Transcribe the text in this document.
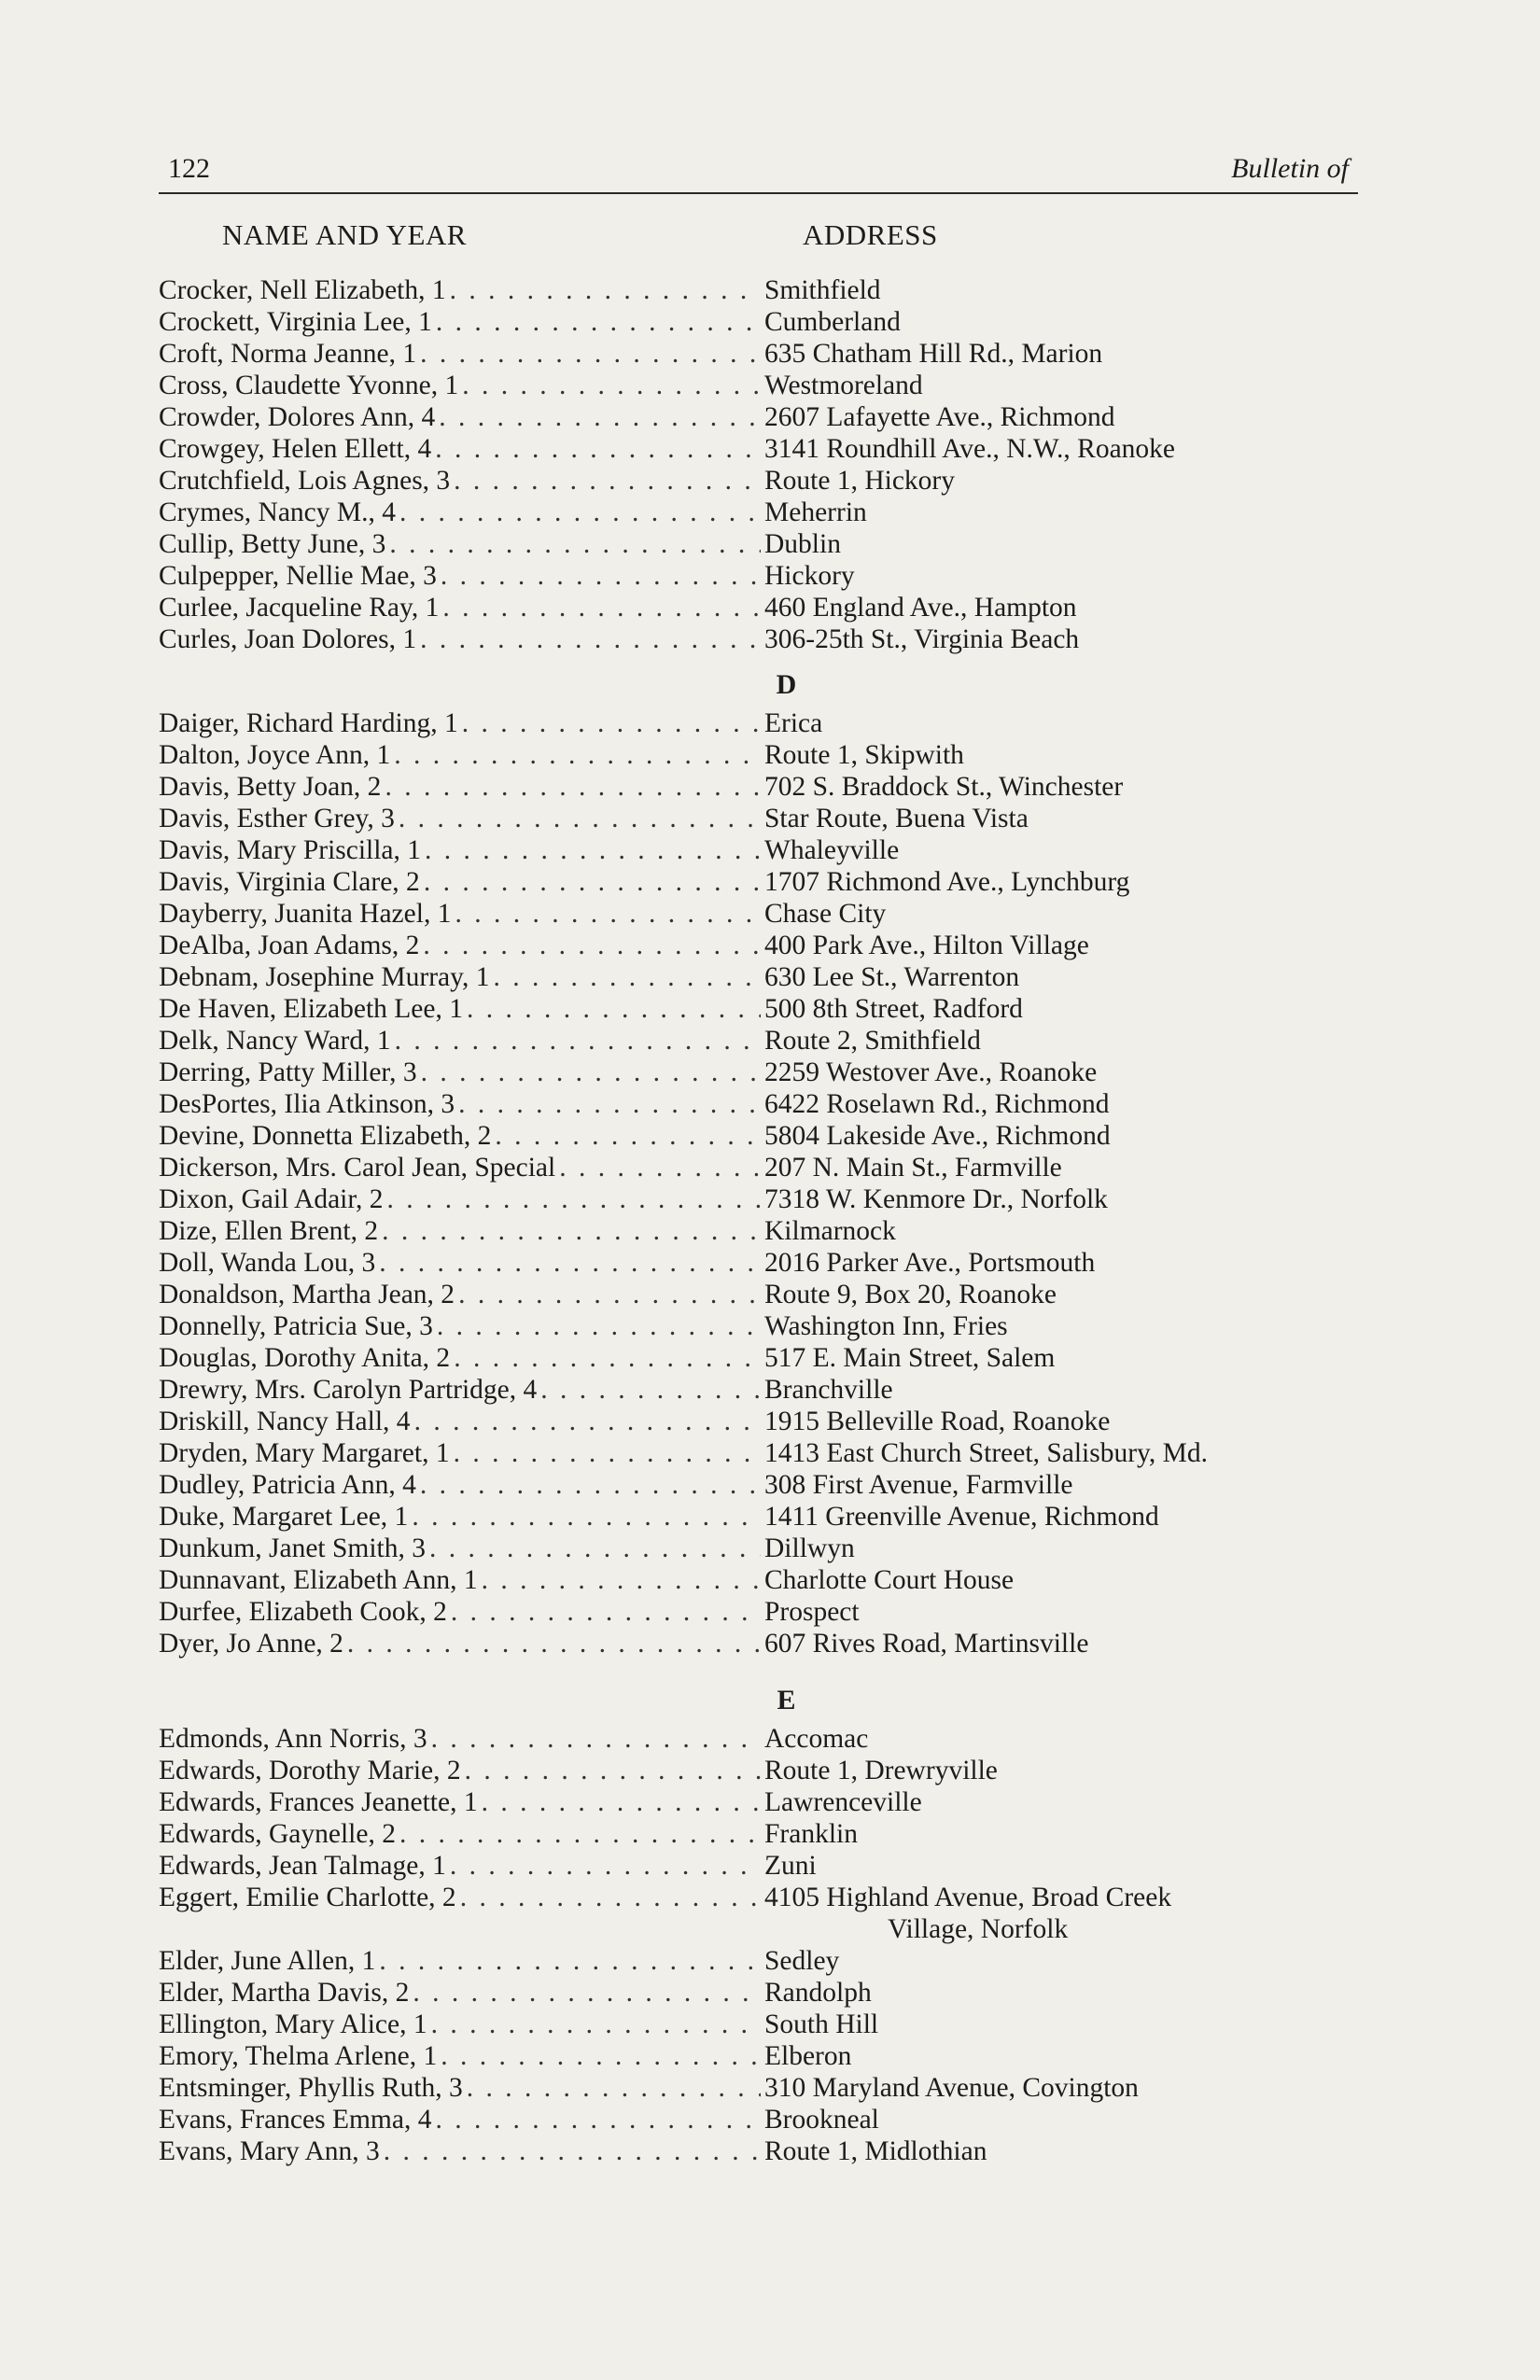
122	Bulletin of
NAME AND YEAR	ADDRESS
Crocker, Nell Elizabeth, 1 . . .	Smithfield
Crockett, Virginia Lee, 1 . . .	Cumberland
Croft, Norma Jeanne, 1 . . .	635 Chatham Hill Rd., Marion
Cross, Claudette Yvonne, 1 . . .	Westmoreland
Crowder, Dolores Ann, 4 . . .	2607 Lafayette Ave., Richmond
Crowgey, Helen Ellett, 4 . . .	3141 Roundhill Ave., N.W., Roanoke
Crutchfield, Lois Agnes, 3 . . .	Route 1, Hickory
Crymes, Nancy M., 4 . . .	Meherrin
Cullip, Betty June, 3 . . .	Dublin
Culpepper, Nellie Mae, 3 . . .	Hickory
Curlee, Jacqueline Ray, 1 . . .	460 England Ave., Hampton
Curles, Joan Dolores, 1 . . .	306-25th St., Virginia Beach
D
Daiger, Richard Harding, 1 . . .	Erica
Dalton, Joyce Ann, 1 . . .	Route 1, Skipwith
Davis, Betty Joan, 2 . . .	702 S. Braddock St., Winchester
Davis, Esther Grey, 3 . . .	Star Route, Buena Vista
Davis, Mary Priscilla, 1 . . .	Whaleyville
Davis, Virginia Clare, 2 . . .	1707 Richmond Ave., Lynchburg
Dayberry, Juanita Hazel, 1 . . .	Chase City
DeAlba, Joan Adams, 2 . . .	400 Park Ave., Hilton Village
Debnam, Josephine Murray, 1 . . .	630 Lee St., Warrenton
De Haven, Elizabeth Lee, 1 . . .	500 8th Street, Radford
Delk, Nancy Ward, 1 . . .	Route 2, Smithfield
Derring, Patty Miller, 3 . . .	2259 Westover Ave., Roanoke
DesPortes, Ilia Atkinson, 3 . . .	6422 Roselawn Rd., Richmond
Devine, Donnetta Elizabeth, 2 . . .	5804 Lakeside Ave., Richmond
Dickerson, Mrs. Carol Jean, Special . . .	207 N. Main St., Farmville
Dixon, Gail Adair, 2 . . .	7318 W. Kenmore Dr., Norfolk
Dize, Ellen Brent, 2 . . .	Kilmarnock
Doll, Wanda Lou, 3 . . .	2016 Parker Ave., Portsmouth
Donaldson, Martha Jean, 2 . . .	Route 9, Box 20, Roanoke
Donnelly, Patricia Sue, 3 . . .	Washington Inn, Fries
Douglas, Dorothy Anita, 2 . . .	517 E. Main Street, Salem
Drewry, Mrs. Carolyn Partridge, 4 . . .	Branchville
Driskill, Nancy Hall, 4 . . .	1915 Belleville Road, Roanoke
Dryden, Mary Margaret, 1 . . .	1413 East Church Street, Salisbury, Md.
Dudley, Patricia Ann, 4 . . .	308 First Avenue, Farmville
Duke, Margaret Lee, 1 . . .	1411 Greenville Avenue, Richmond
Dunkum, Janet Smith, 3 . . .	Dillwyn
Dunnavant, Elizabeth Ann, 1 . . .	Charlotte Court House
Durfee, Elizabeth Cook, 2 . . .	Prospect
Dyer, Jo Anne, 2 . . .	607 Rives Road, Martinsville
E
Edmonds, Ann Norris, 3 . . .	Accomac
Edwards, Dorothy Marie, 2 . . .	Route 1, Drewryville
Edwards, Frances Jeanette, 1 . . .	Lawrenceville
Edwards, Gaynelle, 2 . . .	Franklin
Edwards, Jean Talmage, 1 . . .	Zuni
Eggert, Emilie Charlotte, 2 . . .	4105 Highland Avenue, Broad Creek
Village, Norfolk
Elder, June Allen, 1 . . .	Sedley
Elder, Martha Davis, 2 . . .	Randolph
Ellington, Mary Alice, 1 . . .	South Hill
Emory, Thelma Arlene, 1 . . .	Elberon
Entsminger, Phyllis Ruth, 3 . . .	310 Maryland Avenue, Covington
Evans, Frances Emma, 4 . . .	Brookneal
Evans, Mary Ann, 3 . . .	Route 1, Midlothian
